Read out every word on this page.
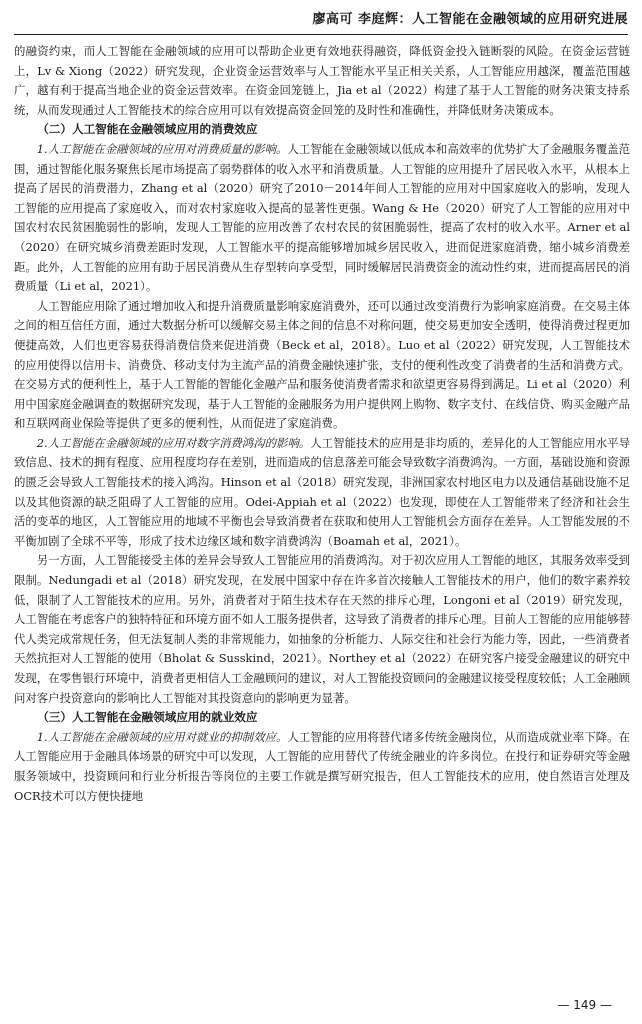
廖高可 李庭辉：人工智能在金融领域的应用研究进展

的融资约束，而人工智能在金融领域的应用可以帮助企业更有效地获得融资，降低资金投入链断裂的风险。在资金运营链上，Lv & Xiong（2022）研究发现，企业资金运营效率与人工智能水平呈正相关关系，人工智能应用越深，覆盖范围越广，越有利于提高当地企业的资金运营效率。在资金回笼链上，Jia et al（2022）构建了基于人工智能的财务决策支持系统，从而发现通过人工智能技术的综合应用可以有效提高资金回笼的及时性和准确性，并降低财务决策成本。

（二）人工智能在金融领域应用的消费效应

1.人工智能在金融领域的应用对消费质量的影响。人工智能在金融领域以低成本和高效率的优势扩大了金融服务覆盖范围，通过智能化服务聚焦长尾市场提高了弱势群体的收入水平和消费质量。人工智能的应用提升了居民收入水平，从根本上提高了居民的消费潜力，Zhang et al（2020）研究了2010－2014年间人工智能的应用对中国家庭收入的影响，发现人工智能的应用提高了家庭收入，而对农村家庭收入提高的显著性更强。Wang & He（2020）研究了人工智能的应用对中国农村农民贫困脆弱性的影响，发现人工智能的应用改善了农村农民的贫困脆弱性，提高了农村的收入水平。Arner et al（2020）在研究城乡消费差距时发现，人工智能水平的提高能够增加城乡居民收入，进而促进家庭消费，缩小城乡消费差距。此外，人工智能的应用有助于居民消费从生存型转向享受型，同时缓解居民消费资金的流动性约束，进而提高居民的消费质量（Li et al，2021）。

人工智能应用除了通过增加收入和提升消费质量影响家庭消费外，还可以通过改变消费行为影响家庭消费。在交易主体之间的相互信任方面，通过大数据分析可以缓解交易主体之间的信息不对称问题，使交易更加安全透明，使得消费过程更加便捷高效，人们也更容易获得消费信贷来促进消费（Beck et al，2018）。Luo et al（2022）研究发现，人工智能技术的应用使得以信用卡、消费贷、移动支付为主流产品的消费金融快速扩张，支付的便利性改变了消费者的生活和消费方式。在交易方式的便利性上，基于人工智能的智能化金融产品和服务使消费者需求和欲望更容易得到满足。Li et al（2020）利用中国家庭金融调查的数据研究发现，基于人工智能的金融服务为用户提供网上购物、数字支付、在线信贷、购买金融产品和互联网商业保险等提供了更多的便利性，从而促进了家庭消费。

2.人工智能在金融领域的应用对数字消费鸿沟的影响。人工智能技术的应用是非均质的，差异化的人工智能应用水平导致信息、技术的拥有程度、应用程度均存在差别，进而造成的信息落差可能会导致数字消费鸿沟。一方面，基础设施和资源的匮乏会导致人工智能技术的接入鸿沟。Hinson et al（2018）研究发现，非洲国家农村地区电力以及通信基础设施不足以及其他资源的缺乏阻碍了人工智能的应用。Odei-Appiah et al（2022）也发现，即使在人工智能带来了经济和社会生活的变革的地区，人工智能应用的地域不平衡也会导致消费者在获取和使用人工智能机会方面存在差异。人工智能发展的不平衡加剧了全球不平等，形成了技术边缘区域和数字消费鸿沟（Boamah et al，2021）。

另一方面，人工智能接受主体的差异会导致人工智能应用的消费鸿沟。对于初次应用人工智能的地区，其服务效率受到限制。Nedungadi et al（2018）研究发现，在发展中国家中存在许多首次接触人工智能技术的用户，他们的数字素养较低，限制了人工智能技术的应用。另外，消费者对于陌生技术存在天然的排斥心理，Longoni et al（2019）研究发现，人工智能在考虑客户的独特特征和环境方面不如人工服务提供者，这导致了消费者的排斥心理。目前人工智能的应用能够替代人类完成常规任务，但无法复制人类的非常规能力，如抽象的分析能力、人际交往和社会行为能力等，因此，一些消费者天然抗拒对人工智能的使用（Bholat & Susskind，2021）。Northey et al（2022）在研究客户接受金融建议的研究中发现，在零售银行环境中，消费者更相信人工金融顾问的建议，对人工智能投资顾问的金融建议接受程度较低；人工金融顾问对客户投资意向的影响比人工智能对其投资意向的影响更为显著。

（三）人工智能在金融领域应用的就业效应

1.人工智能在金融领域的应用对就业的抑制效应。人工智能的应用将替代诸多传统金融岗位，从而造成就业率下降。在人工智能应用于金融具体场景的研究中可以发现，人工智能的应用替代了传统金融业的许多岗位。在投行和证券研究等金融服务领域中，投资顾问和行业分析报告等岗位的主要工作就是撰写研究报告，但人工智能技术的应用，使自然语言处理及OCR技术可以方便快捷地

— 149 —
